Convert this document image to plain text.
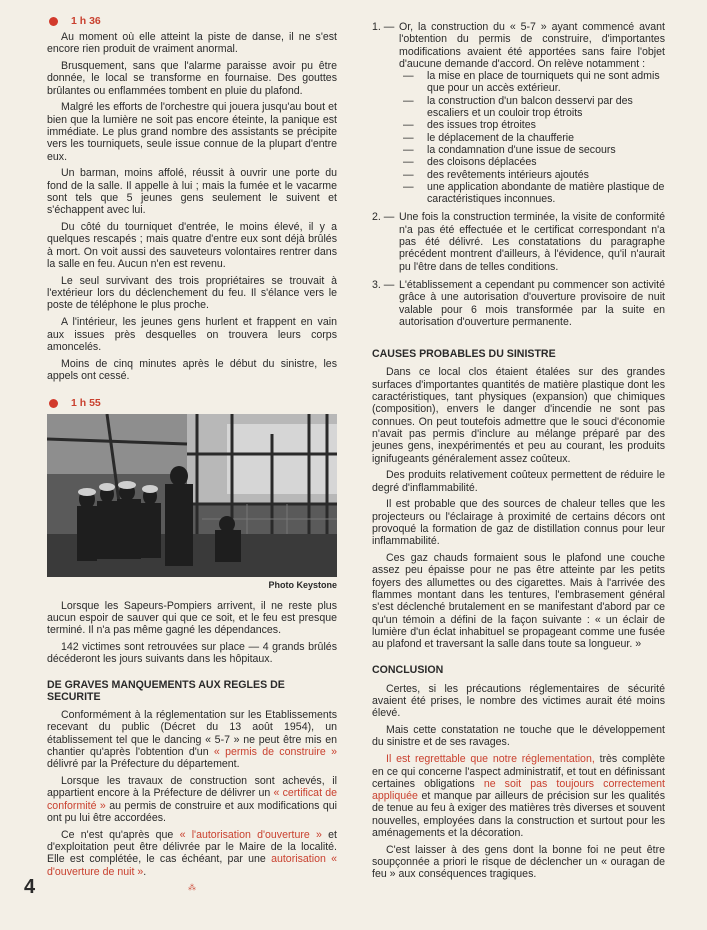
1 h 36

Au moment où elle atteint la piste de danse, il ne s'est encore rien produit de vraiment anormal.

Brusquement, sans que l'alarme paraisse avoir pu être donnée, le local se transforme en fournaise. Des gouttes brûlantes ou enflammées tombent en pluie du plafond.

Malgré les efforts de l'orchestre qui jouera jusqu'au bout et bien que la lumière ne soit pas encore éteinte, la panique est immédiate. Le plus grand nombre des assistants se précipite vers les tourniquets, seule issue connue de la plupart d'entre eux.

Un barman, moins affolé, réussit à ouvrir une porte du fond de la salle. Il appelle à lui ; mais la fumée et le vacarme sont tels que 5 jeunes gens seulement le suivent et s'échappent avec lui.

Du côté du tourniquet d'entrée, le moins élevé, il y a quelques rescapés ; mais quatre d'entre eux sont déjà brûlés à mort. On voit aussi des sauveteurs volontaires rentrer dans la salle en feu. Aucun n'en est revenu.

Le seul survivant des trois propriétaires se trouvait à l'extérieur lors du déclenchement du feu. Il s'élance vers le poste de téléphone le plus proche.

A l'intérieur, les jeunes gens hurlent et frappent en vain aux issues près desquelles on trouvera leurs corps amoncelés.

Moins de cinq minutes après le début du sinistre, les appels ont cessé.

1 h 55
Photo Keystone

Lorsque les Sapeurs-Pompiers arrivent, il ne reste plus aucun espoir de sauver qui que ce soit, et le feu est presque terminé. Il n'a pas même gagné les dépendances.

142 victimes sont retrouvées sur place — 4 grands brûlés décéderont les jours suivants dans les hôpitaux.

DE GRAVES MANQUEMENTS AUX REGLES DE SECURITE

Conformément à la réglementation sur les Etablissements recevant du public (Décret du 13 août 1954), un établissement tel que le dancing « 5-7 » ne peut être mis en chantier qu'après l'obtention d'un « permis de construire » délivré par la Préfecture du département.

Lorsque les travaux de construction sont achevés, il appartient encore à la Préfecture de délivrer un « certificat de conformité » au permis de construire et aux modifications qui ont pu lui être accordées.

Ce n'est qu'après que « l'autorisation d'ouverture » et d'exploitation peut être délivrée par le Maire de la localité. Elle est complétée, le cas échéant, par une autorisation « d'ouverture de nuit ».

⁂
1. — Or, la construction du « 5-7 » ayant commencé avant l'obtention du permis de construire, d'importantes modifications avaient été apportées sans faire l'objet d'aucune demande d'accord. On relève notamment :
—	la mise en place de tourniquets qui ne sont admis que pour un accès extérieur.
—	la construction d'un balcon desservi par des escaliers et un couloir trop étroits
—	des issues trop étroites
—	le déplacement de la chaufferie
—	la condamnation d'une issue de secours
—	des cloisons déplacées
—	des revêtements intérieurs ajoutés
—	une application abondante de matière plastique de caractéristiques inconnues.
2. — Une fois la construction terminée, la visite de conformité n'a pas été effectuée et le certificat correspondant n'a pas été délivré. Les constatations du paragraphe précédent montrent d'ailleurs, à l'évidence, qu'il n'aurait pu l'être dans de telles conditions.
3. — L'établissement a cependant pu commencer son activité grâce à une autorisation d'ouverture provisoire de nuit valable pour 6 mois transformée par la suite en autorisation d'ouverture permanente.
CAUSES PROBABLES DU SINISTRE

Dans ce local clos étaient étalées sur des grandes surfaces d'importantes quantités de matière plastique dont les caractéristiques, tant physiques (expansion) que chimiques (composition), envers le danger d'incendie ne sont pas connues. On peut toutefois admettre que le souci d'économie n'avait pas permis d'inclure au mélange préparé par des jeunes gens, inexpérimentés et peu au courant, les produits ignifugeants généralement assez coûteux.

Des produits relativement coûteux permettent de réduire le degré d'inflammabilité.

Il est probable que des sources de chaleur telles que les projecteurs ou l'éclairage à proximité de certains décors ont provoqué la formation de gaz de distillation connus pour leur inflammabilité.

Ces gaz chauds formaient sous le plafond une couche assez peu épaisse pour ne pas être atteinte par les petits foyers des allumettes ou des cigarettes. Mais à l'arrivée des flammes montant dans les tentures, l'embrasement général s'est déclenché brutalement en se manifestant d'abord par ce qu'un témoin a défini de la façon suivante : « un éclair de lumière d'un éclat inhabituel se propageant comme une fusée au plafond et traversant la salle dans toute sa longueur. »

CONCLUSION

Certes, si les précautions réglementaires de sécurité avaient été prises, le nombre des victimes aurait été moins élevé.

Mais cette constatation ne touche que le développement du sinistre et de ses ravages.

Il est regrettable que notre réglementation, très complète en ce qui concerne l'aspect administratif, et tout en définissant certaines obligations ne soit pas toujours correctement appliquée et manque par ailleurs de précision sur les qualités de tenue au feu à exiger des matières très diverses et souvent nouvelles, employées dans la construction et surtout pour les aménagements et la décoration.

C'est laisser à des gens dont la bonne foi ne peut être soupçonnée a priori le risque de déclencher un « ouragan de feu » aux conséquences tragiques.

4
